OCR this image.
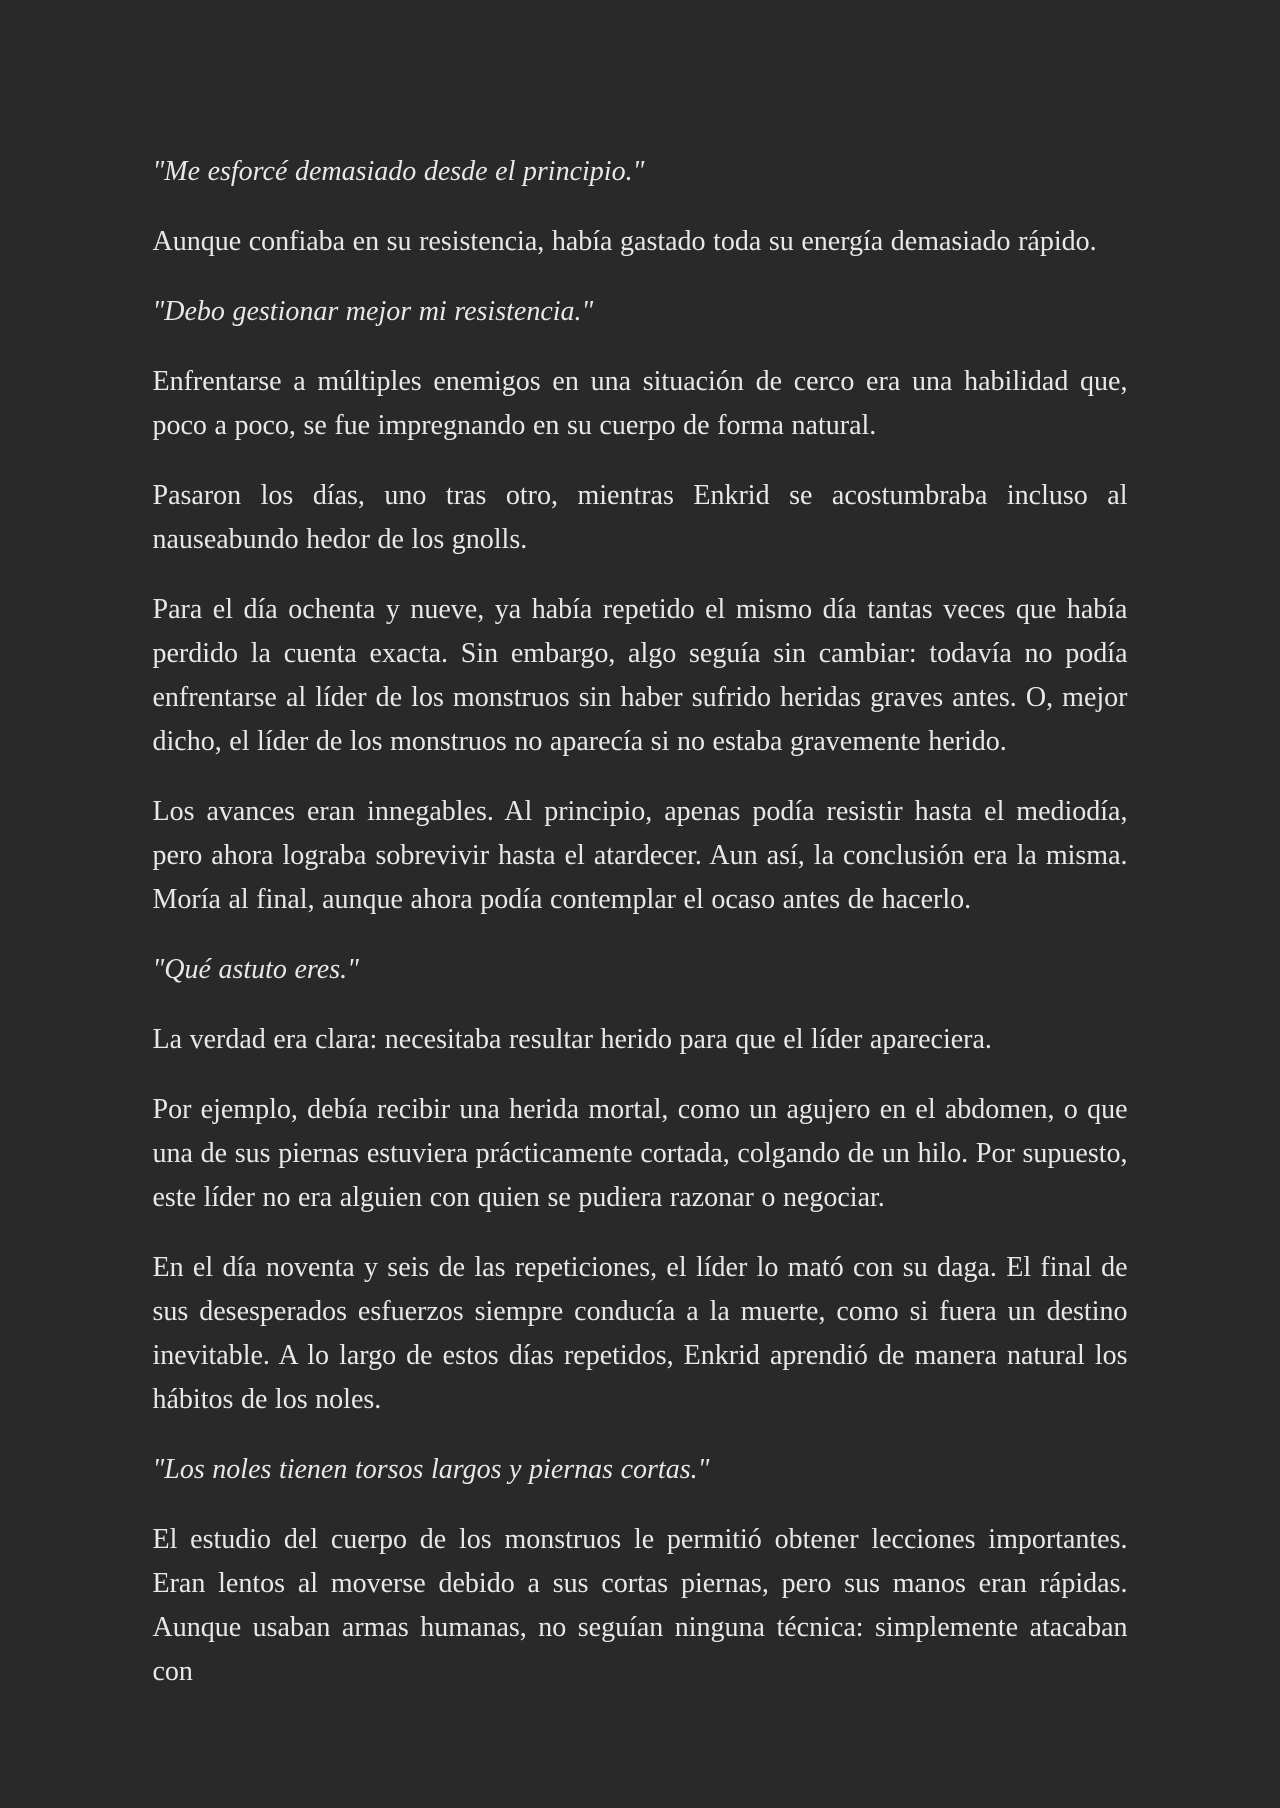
"Me esforcé demasiado desde el principio."

Aunque confiaba en su resistencia, había gastado toda su energía demasiado rápido.

"Debo gestionar mejor mi resistencia."

Enfrentarse a múltiples enemigos en una situación de cerco era una habilidad que, poco a poco, se fue impregnando en su cuerpo de forma natural.

Pasaron los días, uno tras otro, mientras Enkrid se acostumbraba incluso al nauseabundo hedor de los gnolls.

Para el día ochenta y nueve, ya había repetido el mismo día tantas veces que había perdido la cuenta exacta. Sin embargo, algo seguía sin cambiar: todavía no podía enfrentarse al líder de los monstruos sin haber sufrido heridas graves antes. O, mejor dicho, el líder de los monstruos no aparecía si no estaba gravemente herido.

Los avances eran innegables. Al principio, apenas podía resistir hasta el mediodía, pero ahora lograba sobrevivir hasta el atardecer. Aun así, la conclusión era la misma. Moría al final, aunque ahora podía contemplar el ocaso antes de hacerlo.

"Qué astuto eres."

La verdad era clara: necesitaba resultar herido para que el líder apareciera.

Por ejemplo, debía recibir una herida mortal, como un agujero en el abdomen, o que una de sus piernas estuviera prácticamente cortada, colgando de un hilo. Por supuesto, este líder no era alguien con quien se pudiera razonar o negociar.

En el día noventa y seis de las repeticiones, el líder lo mató con su daga. El final de sus desesperados esfuerzos siempre conducía a la muerte, como si fuera un destino inevitable. A lo largo de estos días repetidos, Enkrid aprendió de manera natural los hábitos de los noles.

"Los noles tienen torsos largos y piernas cortas."

El estudio del cuerpo de los monstruos le permitió obtener lecciones importantes. Eran lentos al moverse debido a sus cortas piernas, pero sus manos eran rápidas. Aunque usaban armas humanas, no seguían ninguna técnica: simplemente atacaban con
